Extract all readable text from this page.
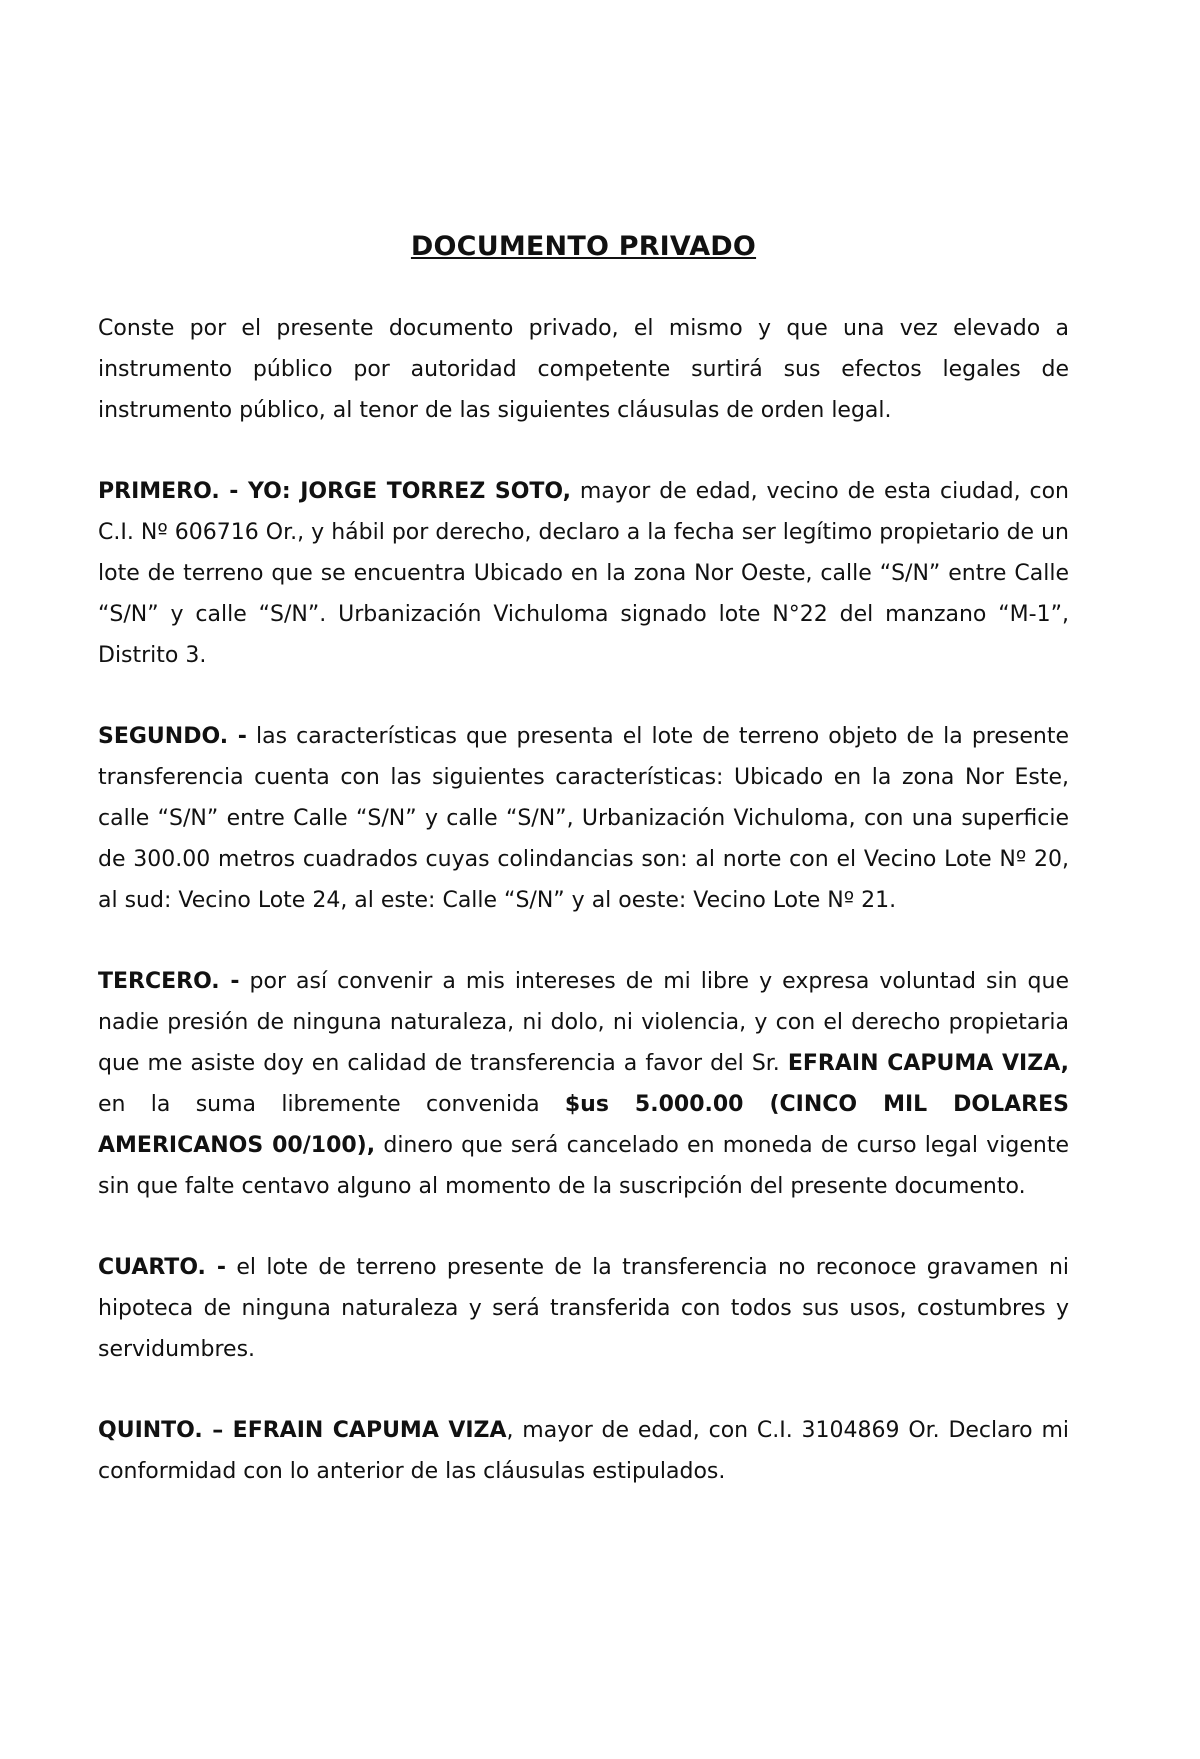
DOCUMENTO PRIVADO

Conste por el presente documento privado, el mismo y que una vez elevado a instrumento público por autoridad competente surtirá sus efectos legales de instrumento público, al tenor de las siguientes cláusulas de orden legal.

PRIMERO. - YO: JORGE TORREZ SOTO, mayor de edad, vecino de esta ciudad, con C.I. Nº 606716 Or., y hábil por derecho, declaro a la fecha ser legítimo propietario de un lote de terreno que se encuentra Ubicado en la zona Nor Oeste, calle “S/N” entre Calle “S/N” y calle “S/N”. Urbanización Vichuloma signado lote N°22 del manzano “M-1”, Distrito 3.

SEGUNDO. - las características que presenta el lote de terreno objeto de la presente transferencia cuenta con las siguientes características: Ubicado en la zona Nor Este, calle “S/N” entre Calle “S/N” y calle “S/N”, Urbanización Vichuloma, con una superficie de 300.00 metros cuadrados cuyas colindancias son: al norte con el Vecino Lote Nº 20, al sud: Vecino Lote 24, al este: Calle “S/N” y al oeste: Vecino Lote Nº 21.

TERCERO. - por así convenir a mis intereses de mi libre y expresa voluntad sin que nadie presión de ninguna naturaleza, ni dolo, ni violencia, y con el derecho propietaria que me asiste doy en calidad de transferencia a favor del Sr. EFRAIN CAPUMA VIZA, en la suma libremente convenida $us 5.000.00 (CINCO MIL DOLARES AMERICANOS 00/100), dinero que será cancelado en moneda de curso legal vigente sin que falte centavo alguno al momento de la suscripción del presente documento.

CUARTO. - el lote de terreno presente de la transferencia no reconoce gravamen ni hipoteca de ninguna naturaleza y será transferida con todos sus usos, costumbres y servidumbres.

QUINTO. – EFRAIN CAPUMA VIZA, mayor de edad, con C.I. 3104869 Or. Declaro mi conformidad con lo anterior de las cláusulas estipulados.
